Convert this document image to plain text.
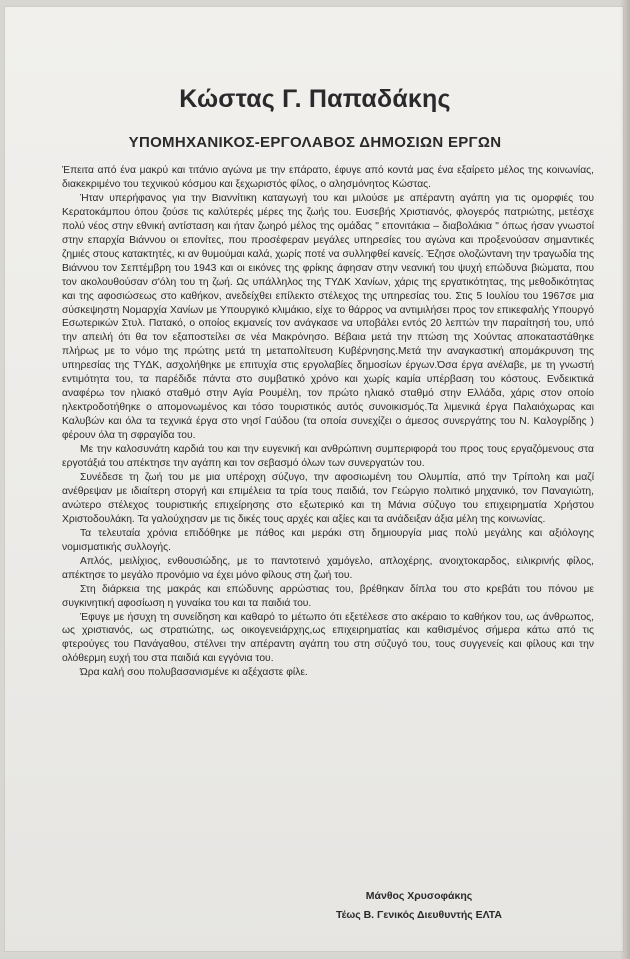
Κώστας Γ. Παπαδάκης
ΥΠΟΜΗΧΑΝΙΚΟΣ-ΕΡΓΟΛΑΒΟΣ ΔΗΜΟΣΙΩΝ ΕΡΓΩΝ

Έπειτα από ένα μακρύ και τιτάνιο αγώνα με την επάρατο, έφυγε από κοντά μας ένα εξαίρετο μέλος της κοινωνίας, διακεκριμένο του τεχνικού κόσμου και ξεχωριστός φίλος, ο αλησμόνητος Κώστας.

Ήταν υπερήφανος για την Βιαννίτικη καταγωγή του και μιλούσε με απέραντη αγάπη για τις ομορφιές του Κερατοκάμπου όπου ζούσε τις καλύτερές μέρες της ζωής του. Ευσεβής Χριστιανός, φλογερός πατριώτης, μετέσχε πολύ νέος στην εθνική αντίσταση και ήταν ζωηρό μέλος της ομάδας " επονιτάκια – διαβολάκια " όπως ήσαν γνωστοί στην επαρχία Βιάννου οι επονίτες, που προσέφεραν μεγάλες υπηρεσίες του αγώνα και προξενούσαν σημαντικές ζημιές στους κατακτητές, κι αν θυμούμαι καλά, χωρίς ποτέ να συλληφθεί κανείς. Έζησε ολοζώντανη την τραγωδία της Βιάννου τον Σεπτέμβρη του 1943 και οι εικόνες της φρίκης άφησαν στην νεανική του ψυχή επώδυνα βιώματα, που τον ακολουθούσαν σ'όλη του τη ζωή. Ως υπάλληλος της ΤΥΔΚ Χανίων, χάρις της εργατικότητας, της μεθοδικότητας και της αφοσιώσεως στο καθήκον, ανεδείχθει επίλεκτο στέλεχος της υπηρεσίας του. Στις 5 Ιουλίου του 1967σε μια σύσκεψηστη Νομαρχία Χανίων με Υπουργικό κλιμάκιο, είχε το θάρρος να αντιμιλήσει προς τον επικεφαλής Υπουργό Εσωτερικών Στυλ. Πατακό, ο οποίος εκμανείς τον ανάγκασε να υποβάλει εντός 20 λεπτών την παραίτησή του, υπό την απειλή ότι θα τον εξαποστείλει σε νέα Μακρόνησο. Βέβαια μετά την πτώση της Χούντας αποκαταστάθηκε πλήρως με το νόμο της πρώτης μετά τη μεταπολίτευση Κυβέρνησης.Μετά την αναγκαστική απομάκρυνση της υπηρεσίας της ΤΥΔΚ, ασχολήθηκε με επιτυχία στις εργολαβίες δημοσίων έργων.Όσα έργα ανέλαβε, με τη γνωστή εντιμότητα του, τα παρέδιδε πάντα στο συμβατικό χρόνο και χωρίς καμία υπέρβαση του κόστους. Ενδεικτικά αναφέρω τον ηλιακό σταθμό στην Αγία Ρουμέλη, τον πρώτο ηλιακό σταθμό στην Ελλάδα, χάρις στον οποίο ηλεκτροδοτήθηκε ο απομονωμένος και τόσο τουριστικός αυτός συνοικισμός.Τα λιμενικά έργα Παλαιόχωρας και Καλυβών και όλα τα τεχνικά έργα στο νησί Γαύδου (τα οποία συνεχίζει ο άμεσος συνεργάτης του Ν. Καλογρίδης ) φέρουν όλα τη σφραγίδα του.

Με την καλοσυνάτη καρδιά του και την ευγενική και ανθρώπινη συμπεριφορά του προς τους εργαζόμενους στα εργοτάξιά του απέκτησε την αγάπη και τον σεβασμό όλων των συνεργατών του.

Συνέδεσε τη ζωή του με μια υπέροχη σύζυγο, την αφοσιωμένη του Ολυμπία, από την Τρίπολη και μαζί ανέθρεψαν με ιδιαίτερη στοργή και επιμέλεια τα τρία τους παιδιά, τον Γεώργιο πολιτικό μηχανικό, τον Παναγιώτη, ανώτερο στέλεχος τουριστικής επιχείρησης στο εξωτερικό και τη Μάνια σύζυγο του επιχειρηματία Χρήστου Χριστοδουλάκη. Τα γαλούχησαν με τις δικές τους αρχές και αξίες και τα ανάδειξαν άξια μέλη της κοινωνίας.

Τα τελευταία χρόνια επιδόθηκε με πάθος και μεράκι στη δημιουργία μιας πολύ μεγάλης και αξιόλογης νομισματικής συλλογής.

Απλός, μειλίχιος, ενθουσιώδης, με το παντοτεινό χαμόγελο, απλοχέρης, ανοιχτοκαρδος, ειλικρινής φίλος, απέκτησε το μεγάλο προνόμιο να έχει μόνο φίλους στη ζωή του.

Στη διάρκεια της μακράς και επώδυνης αρρώστιας του, βρέθηκαν δίπλα του στο κρεβάτι του πόνου με συγκινητική αφοσίωση η γυναίκα του και τα παιδιά του.

Έφυγε με ήσυχη τη συνείδηση και καθαρό το μέτωπο ότι εξετέλεσε στο ακέραιο το καθήκον του, ως άνθρωπος, ως χριστιανός, ως στρατιώτης, ως οικογενειάρχης,ως επιχειρηματίας και καθισμένος σήμερα κάτω από τις φτερούγες του Πανάγαθου, στέλνει την απέραντη αγάπη του στη σύζυγό του, τους συγγενείς και φίλους και την ολόθερμη ευχή του στα παιδιά και εγγόνια του.

Ώρα καλή σου πολυβασανισμένε κι αξέχαστε φίλε.

Μάνθος Χρυσοφάκης
Τέως Β. Γενικός Διευθυντής ΕΛΤΑ
